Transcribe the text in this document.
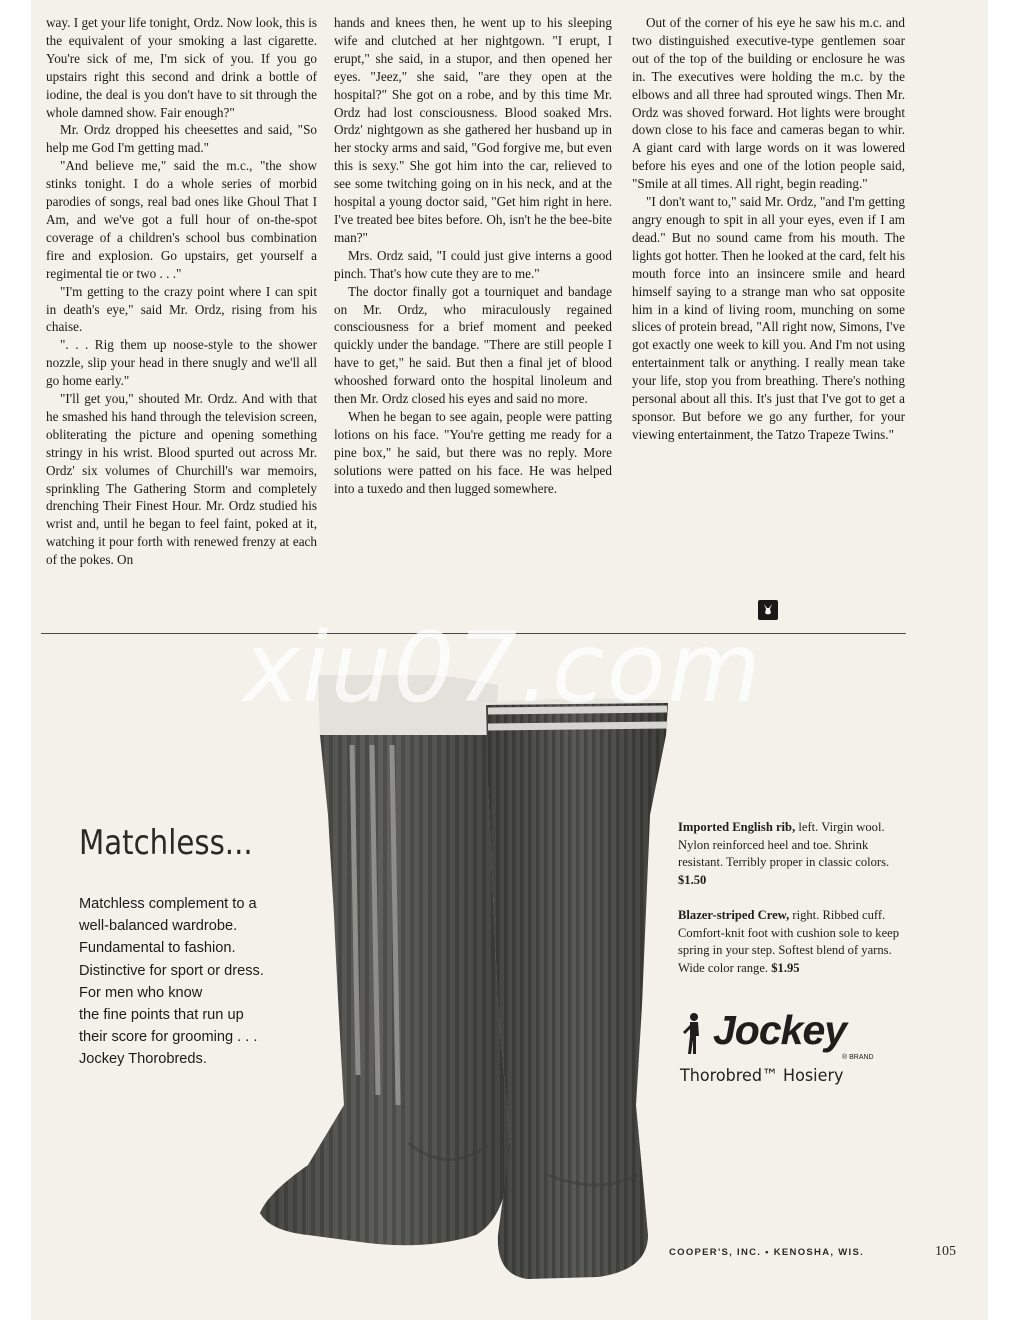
way. I get your life tonight, Ordz. Now look, this is the equivalent of your smoking a last cigarette. You're sick of me, I'm sick of you. If you go upstairs right this second and drink a bottle of iodine, the deal is you don't have to sit through the whole damned show. Fair enough?"

Mr. Ordz dropped his cheesettes and said, "So help me God I'm getting mad."

"And believe me," said the m.c., "the show stinks tonight. I do a whole series of morbid parodies of songs, real bad ones like Ghoul That I Am, and we've got a full hour of on-the-spot coverage of a children's school bus combination fire and explosion. Go upstairs, get yourself a regimental tie or two . . ."

"I'm getting to the crazy point where I can spit in death's eye," said Mr. Ordz, rising from his chaise.

". . . Rig them up noose-style to the shower nozzle, slip your head in there snugly and we'll all go home early."

"I'll get you," shouted Mr. Ordz. And with that he smashed his hand through the television screen, obliterating the picture and opening something stringy in his wrist. Blood spurted out across Mr. Ordz' six volumes of Churchill's war memoirs, sprinkling The Gathering Storm and completely drenching Their Finest Hour. Mr. Ordz studied his wrist and, until he began to feel faint, poked at it, watching it pour forth with renewed frenzy at each of the pokes. On

hands and knees then, he went up to his sleeping wife and clutched at her nightgown. "I erupt, I erupt," she said, in a stupor, and then opened her eyes. "Jeez," she said, "are they open at the hospital?" She got on a robe, and by this time Mr. Ordz had lost consciousness. Blood soaked Mrs. Ordz' nightgown as she gathered her husband up in her stocky arms and said, "God forgive me, but even this is sexy." She got him into the car, relieved to see some twitching going on in his neck, and at the hospital a young doctor said, "Get him right in here. I've treated bee bites before. Oh, isn't he the bee-bite man?"

Mrs. Ordz said, "I could just give interns a good pinch. That's how cute they are to me."

The doctor finally got a tourniquet and bandage on Mr. Ordz, who miraculously regained consciousness for a brief moment and peeked quickly under the bandage. "There are still people I have to get," he said. But then a final jet of blood whooshed forward onto the hospital linoleum and then Mr. Ordz closed his eyes and said no more.

When he began to see again, people were patting lotions on his face. "You're getting me ready for a pine box," he said, but there was no reply. More solutions were patted on his face. He was helped into a tuxedo and then lugged somewhere.

Out of the corner of his eye he saw his m.c. and two distinguished executive-type gentlemen soar out of the top of the building or enclosure he was in. The executives were holding the m.c. by the elbows and all three had sprouted wings. Then Mr. Ordz was shoved forward. Hot lights were brought down close to his face and cameras began to whir. A giant card with large words on it was lowered before his eyes and one of the lotion people said, "Smile at all times. All right, begin reading."

"I don't want to," said Mr. Ordz, "and I'm getting angry enough to spit in all your eyes, even if I am dead." But no sound came from his mouth. The lights got hotter. Then he looked at the card, felt his mouth force into an insincere smile and heard himself saying to a strange man who sat opposite him in a kind of living room, munching on some slices of protein bread, "All right now, Simons, I've got exactly one week to kill you. And I'm not using entertainment talk or anything. I really mean take your life, stop you from breathing. There's nothing personal about all this. It's just that I've got to get a sponsor. But before we go any further, for your viewing entertainment, the Tatzo Trapeze Twins."

xiu07.com
Matchless...
Matchless complement to a
well-balanced wardrobe.
Fundamental to fashion.
Distinctive for sport or dress.
For men who know
the fine points that run up
their score for grooming . . .
Jockey Thorobreds.
Imported English rib, left. Virgin wool. Nylon reinforced heel and toe. Shrink resistant. Terribly proper in classic colors. $1.50
Blazer-striped Crew, right. Ribbed cuff. Comfort-knit foot with cushion sole to keep spring in your step. Softest blend of yarns. Wide color range. $1.95
Jockey
® BRAND
Thorobred™ Hosiery
COOPER'S, INC. • KENOSHA, WIS.	105
